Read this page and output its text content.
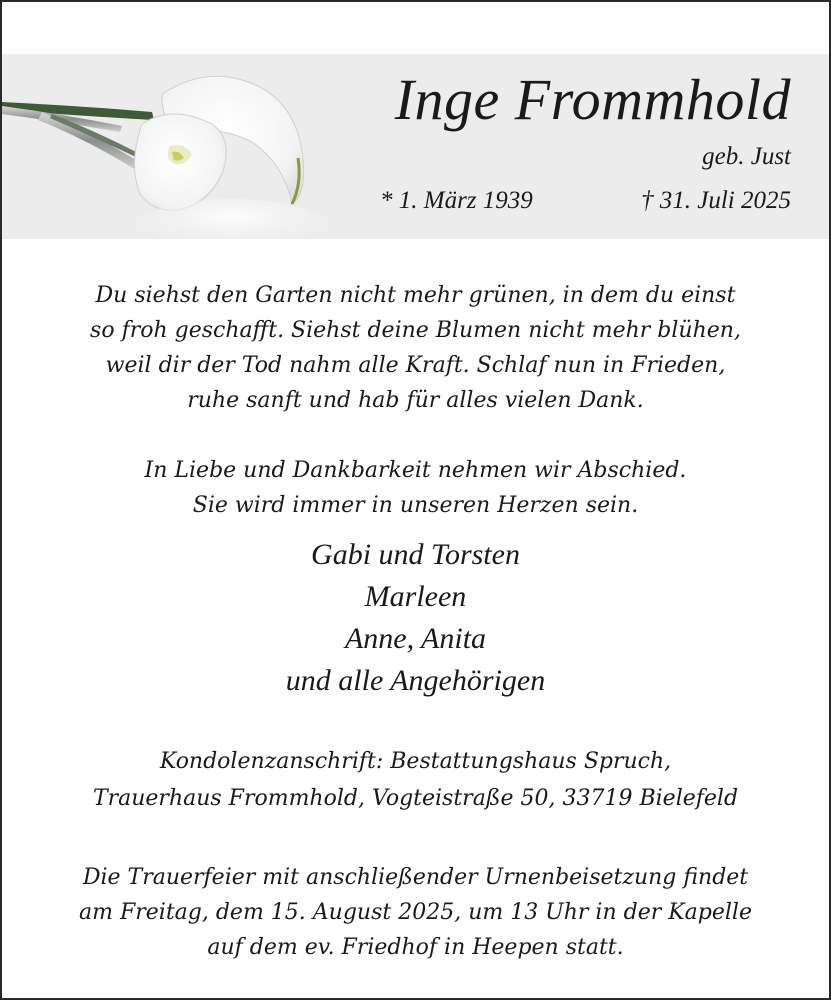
Inge Frommhold
geb. Just
* 1. März 1939	† 31. Juli 2025
Du siehst den Garten nicht mehr grünen, in dem du einst
so froh geschafft. Siehst deine Blumen nicht mehr blühen,
weil dir der Tod nahm alle Kraft. Schlaf nun in Frieden,
ruhe sanft und hab für alles vielen Dank.
In Liebe und Dankbarkeit nehmen wir Abschied.
Sie wird immer in unseren Herzen sein.
Gabi und Torsten
Marleen
Anne, Anita
und alle Angehörigen
Kondolenzanschrift: Bestattungshaus Spruch,
Trauerhaus Frommhold, Vogteistraße 50, 33719 Bielefeld
Die Trauerfeier mit anschließender Urnenbeisetzung findet
am Freitag, dem 15. August 2025, um 13 Uhr in der Kapelle
auf dem ev. Friedhof in Heepen statt.
